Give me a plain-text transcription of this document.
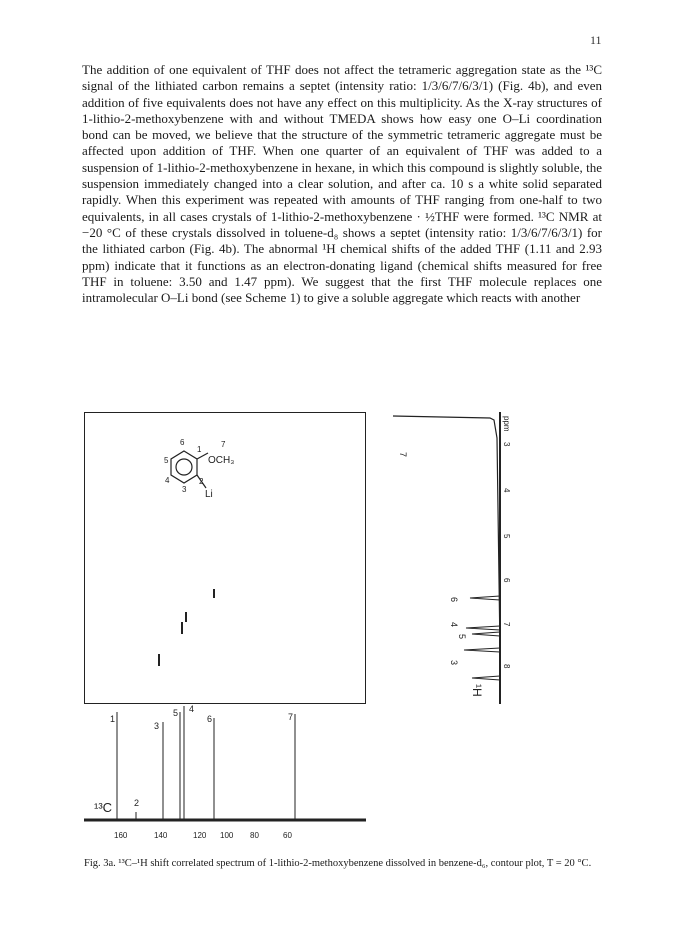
11

The addition of one equivalent of THF does not affect the tetrameric aggregation state as the ¹³C signal of the lithiated carbon remains a septet (intensity ratio: 1/3/6/7/6/3/1) (Fig. 4b), and even addition of five equivalents does not have any effect on this multiplicity. As the X-ray structures of 1-lithio-2-methoxybenzene with and without TMEDA shows how easy one O–Li coordination bond can be moved, we believe that the structure of the symmetric tetrameric aggregate must be affected upon addition of THF. When one quarter of an equivalent of THF was added to a suspension of 1-lithio-2-methoxybenzene in hexane, in which this compound is slightly soluble, the suspension immediately changed into a clear solution, and after ca. 10 s a white solid separated rapidly. When this experiment was repeated with amounts of THF ranging from one-half to two equivalents, in all cases crystals of 1-lithio-2-methoxybenzene · ½THF were formed. ¹³C NMR at −20 °C of these crystals dissolved in toluene-d₈ shows a septet (intensity ratio: 1/3/6/7/6/3/1) for the lithiated carbon (Fig. 4b). The abnormal ¹H chemical shifts of the added THF (1.11 and 2.93 ppm) indicate that it functions as an electron-donating ligand (chemical shifts measured for free THF in toluene: 3.50 and 1.47 ppm). We suggest that the first THF molecule replaces one intramolecular O–Li bond (see Scheme 1) to give a soluble aggregate which reacts with another

OCH₃
Li
1
2
3
4
5
6	7
1
3
5 4
6	7
2
¹³C
160	140	120 100 80	60
7
6
4
5
3
¹H
ppm
3
4
5
6
7
8

Fig. 3a. ¹³C–¹H shift correlated spectrum of 1-lithio-2-methoxybenzene dissolved in benzene-d₆, contour plot, T = 20 °C.
